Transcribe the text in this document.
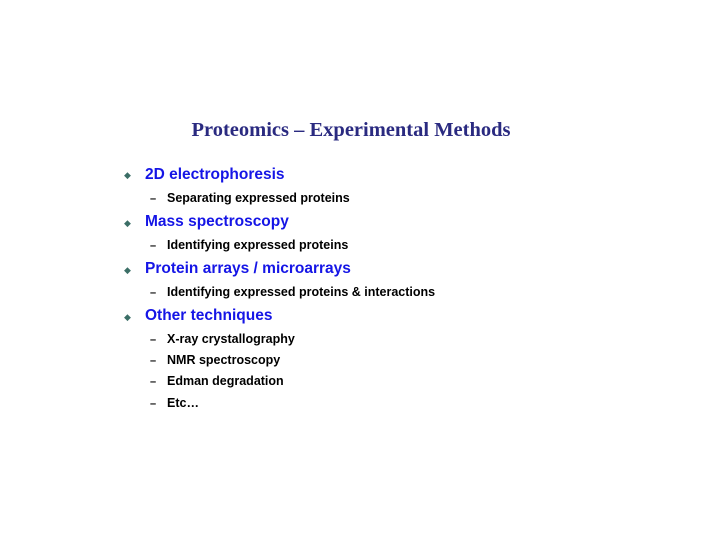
Proteomics – Experimental Methods
◆ 2D electrophoresis
– Separating expressed proteins
◆ Mass spectroscopy
– Identifying expressed proteins
◆ Protein arrays / microarrays
– Identifying expressed proteins & interactions
◆ Other techniques
– X-ray crystallography
– NMR spectroscopy
– Edman degradation
– Etc…
